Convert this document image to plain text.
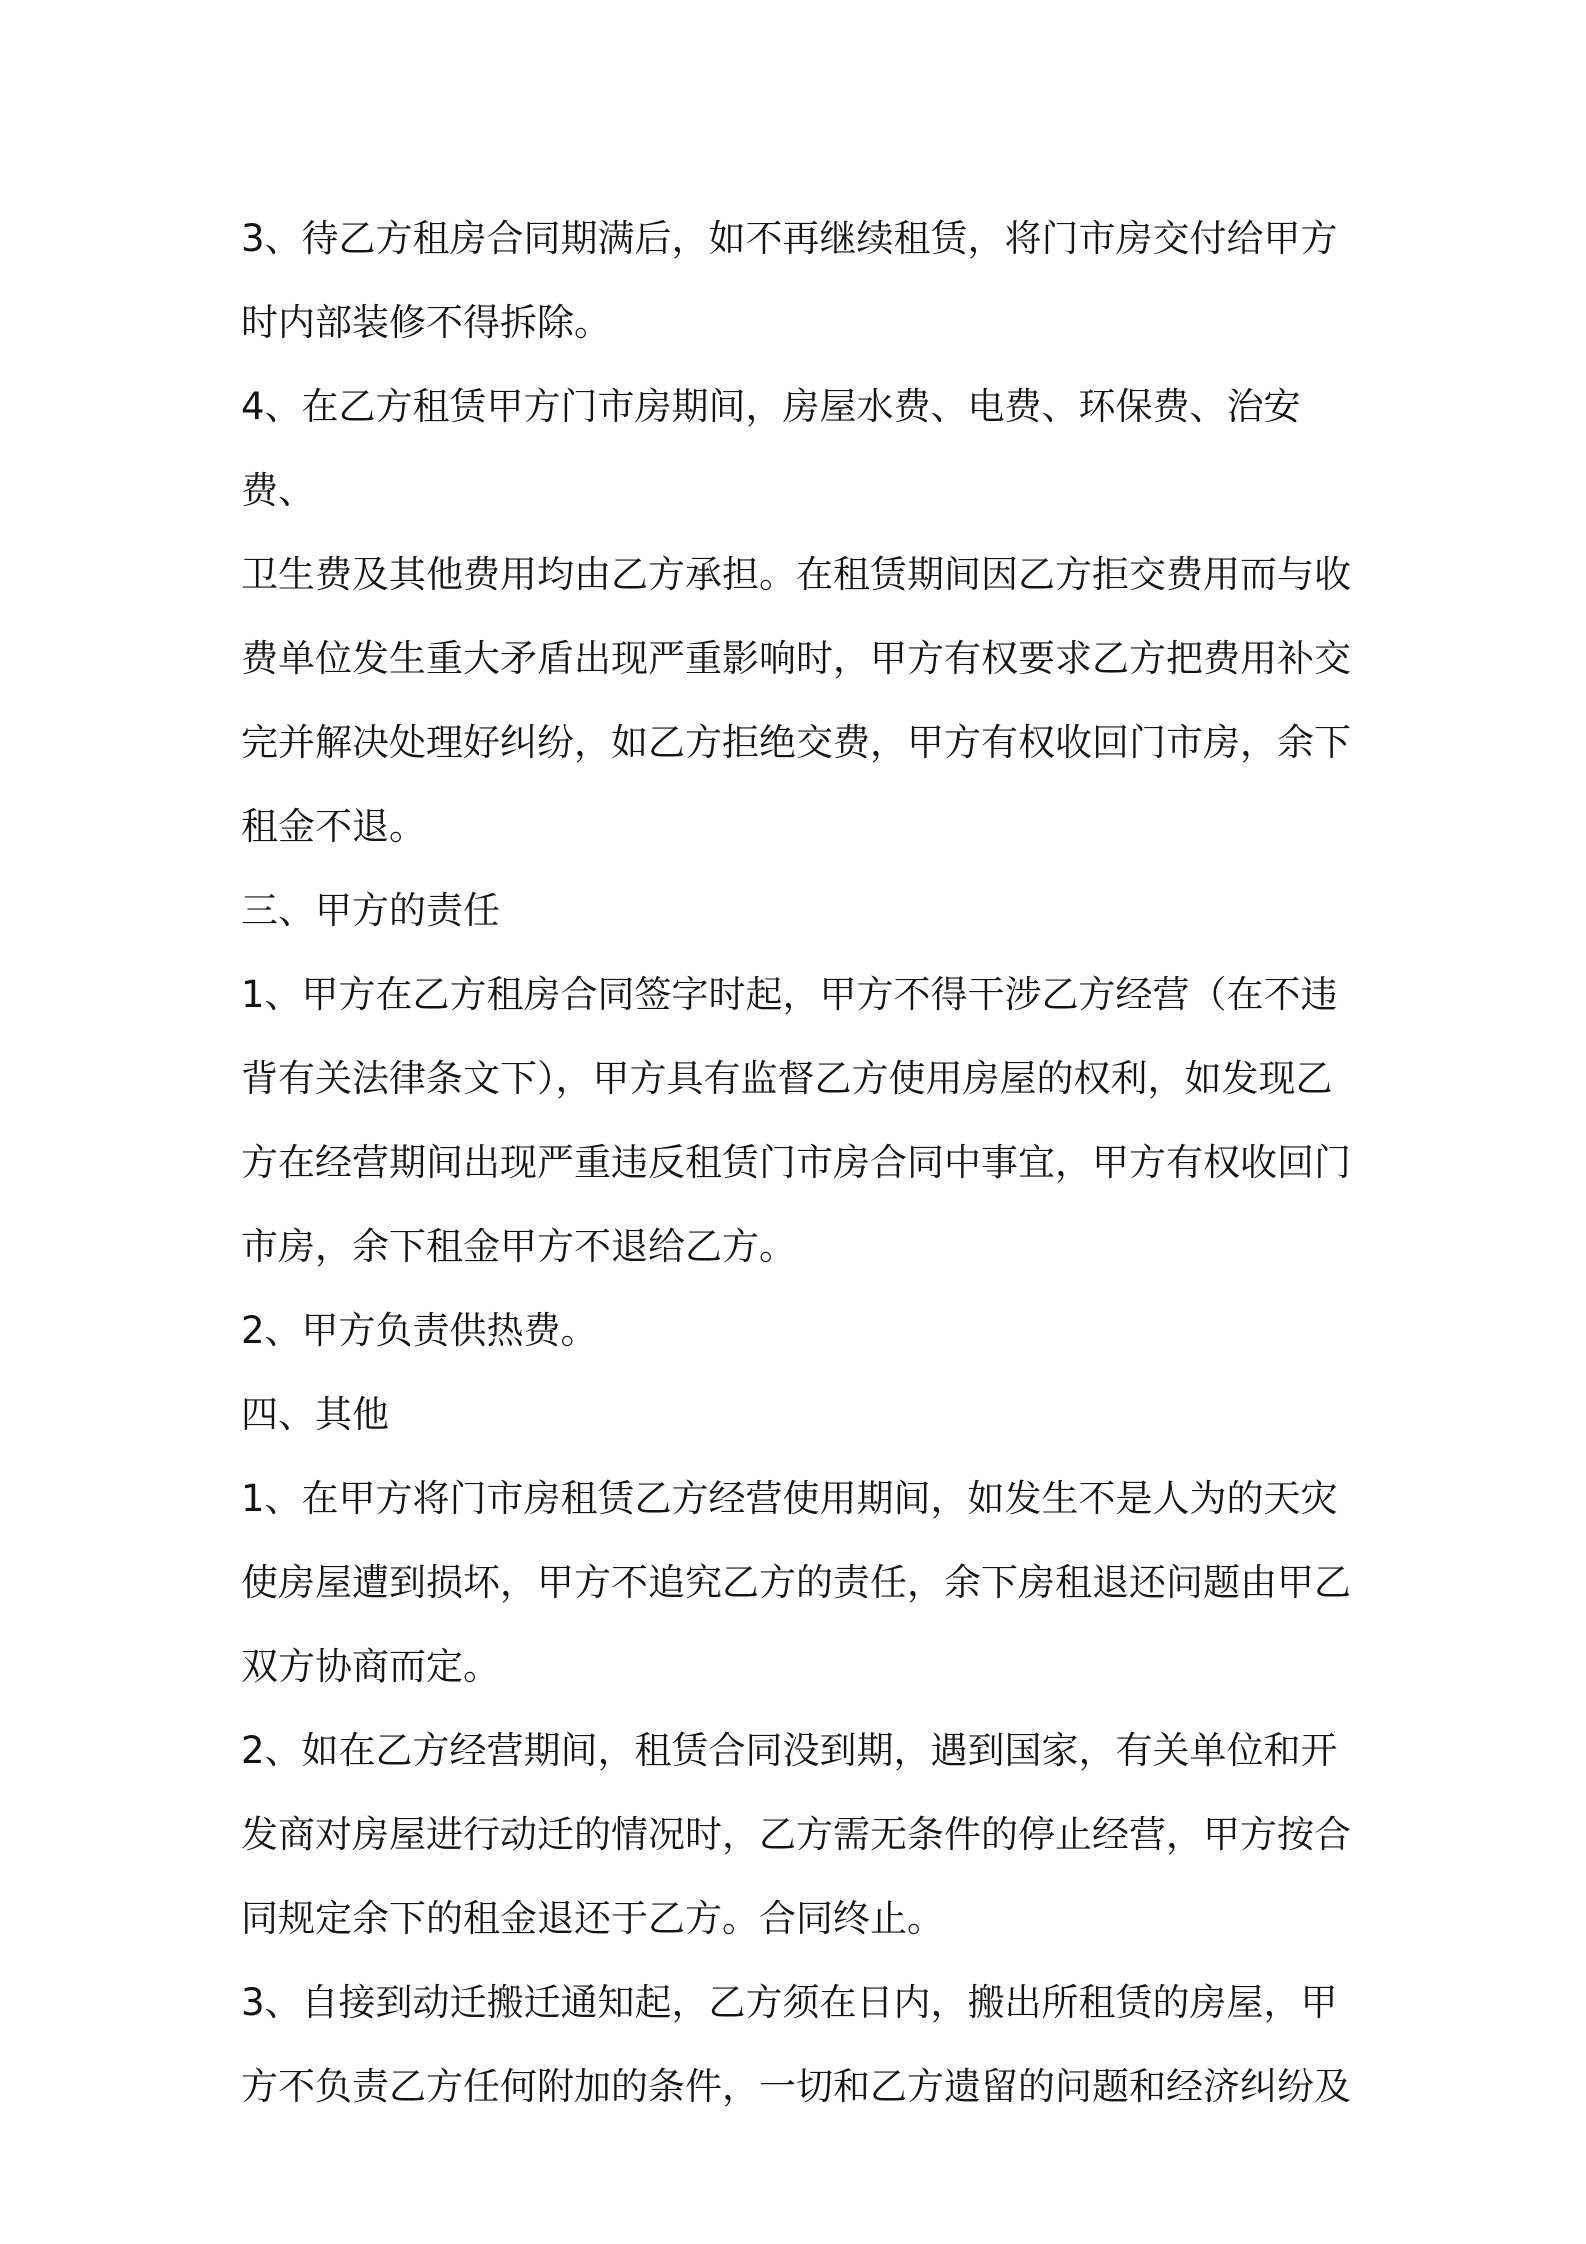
3、待乙方租房合同期满后，如不再继续租赁，将门市房交付给甲方

时内部装修不得拆除。

4、在乙方租赁甲方门市房期间，房屋水费、电费、环保费、治安费、

卫生费及其他费用均由乙方承担。在租赁期间因乙方拒交费用而与收

费单位发生重大矛盾出现严重影响时，甲方有权要求乙方把费用补交

完并解决处理好纠纷，如乙方拒绝交费，甲方有权收回门市房，余下

租金不退。

三、甲方的责任

1、甲方在乙方租房合同签字时起，甲方不得干涉乙方经营（在不违

背有关法律条文下），甲方具有监督乙方使用房屋的权利，如发现乙

方在经营期间出现严重违反租赁门市房合同中事宜，甲方有权收回门

市房，余下租金甲方不退给乙方。

2、甲方负责供热费。

四、其他

1、在甲方将门市房租赁乙方经营使用期间，如发生不是人为的天灾

使房屋遭到损坏，甲方不追究乙方的责任，余下房租退还问题由甲乙

双方协商而定。

2、如在乙方经营期间，租赁合同没到期，遇到国家，有关单位和开

发商对房屋进行动迁的情况时，乙方需无条件的停止经营，甲方按合

同规定余下的租金退还于乙方。合同终止。

3、自接到动迁搬迁通知起，乙方须在日内，搬出所租赁的房屋，甲

方不负责乙方任何附加的条件，一切和乙方遗留的问题和经济纠纷及
